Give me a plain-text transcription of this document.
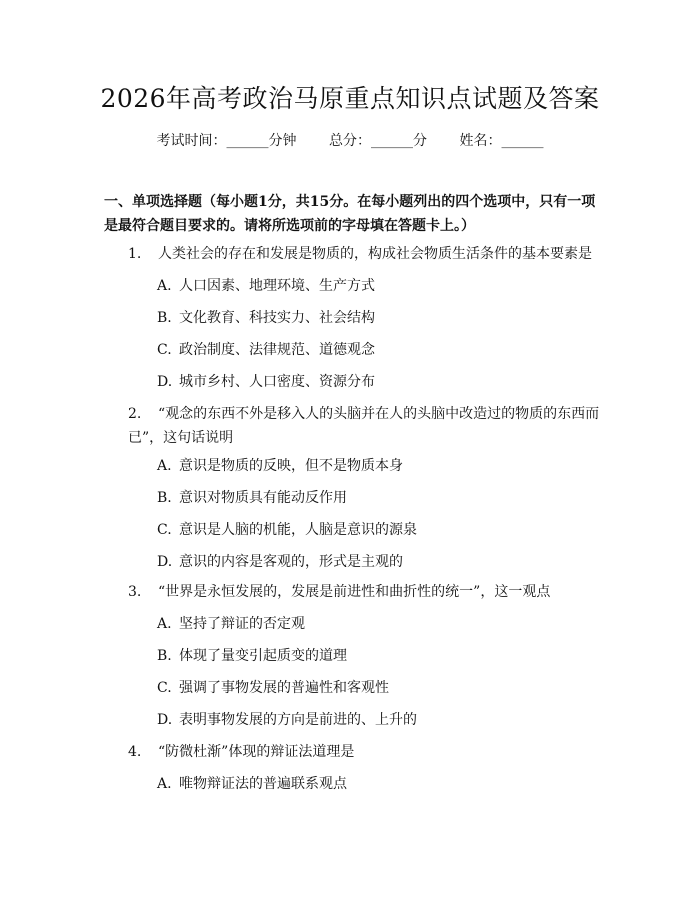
2026年高考政治马原重点知识点试题及答案
考试时间：______分钟 总分：______分 姓名：______
一、单项选择题（每小题1分，共15分。在每小题列出的四个选项中，只有一项是最符合题目要求的。请将所选项前的字母填在答题卡上。）
1. 人类社会的存在和发展是物质的，构成社会物质生活条件的基本要素是
A. 人口因素、地理环境、生产方式
B. 文化教育、科技实力、社会结构
C. 政治制度、法律规范、道德观念
D. 城市乡村、人口密度、资源分布
2. “观念的东西不外是移入人的头脑并在人的头脑中改造过的物质的东西而已”，这句话说明
A. 意识是物质的反映，但不是物质本身
B. 意识对物质具有能动反作用
C. 意识是人脑的机能，人脑是意识的源泉
D. 意识的内容是客观的，形式是主观的
3. “世界是永恒发展的，发展是前进性和曲折性的统一”，这一观点
A. 坚持了辩证的否定观
B. 体现了量变引起质变的道理
C. 强调了事物发展的普遍性和客观性
D. 表明事物发展的方向是前进的、上升的
4. “防微杜渐”体现的辩证法道理是
A. 唯物辩证法的普遍联系观点
